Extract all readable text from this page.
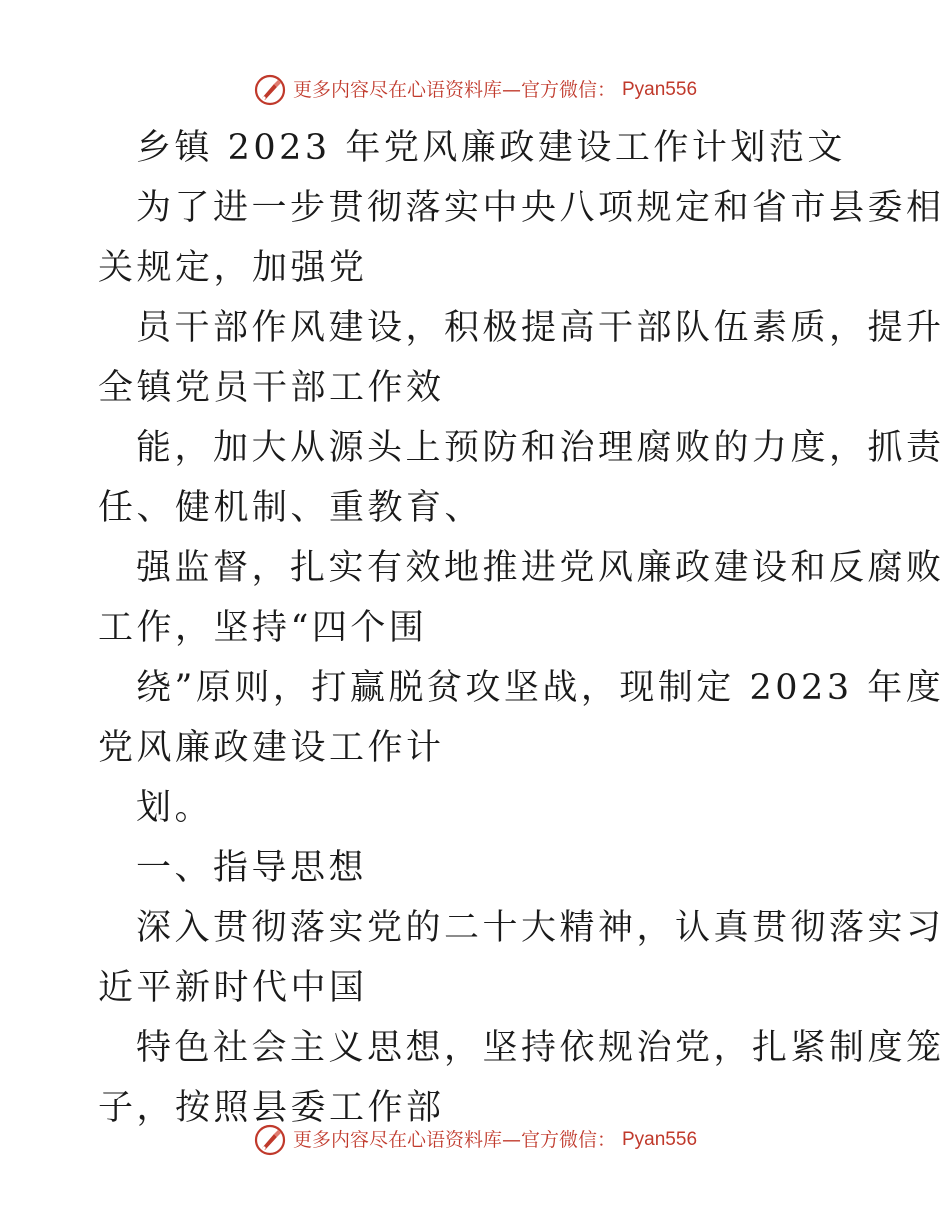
更多内容尽在心语资料库—官方微信： Pyan556
乡镇 2023 年党风廉政建设工作计划范文
为了进一步贯彻落实中央八项规定和省市县委相
关规定，加强党
员干部作风建设，积极提高干部队伍素质，提升
全镇党员干部工作效
能，加大从源头上预防和治理腐败的力度，抓责
任、健机制、重教育、
强监督，扎实有效地推进党风廉政建设和反腐败
工作，坚持“四个围
绕”原则，打赢脱贫攻坚战，现制定 2023 年度
党风廉政建设工作计
划。
一、指导思想
深入贯彻落实党的二十大精神，认真贯彻落实习
近平新时代中国
特色社会主义思想，坚持依规治党，扎紧制度笼
子，按照县委工作部
更多内容尽在心语资料库—官方微信： Pyan556
